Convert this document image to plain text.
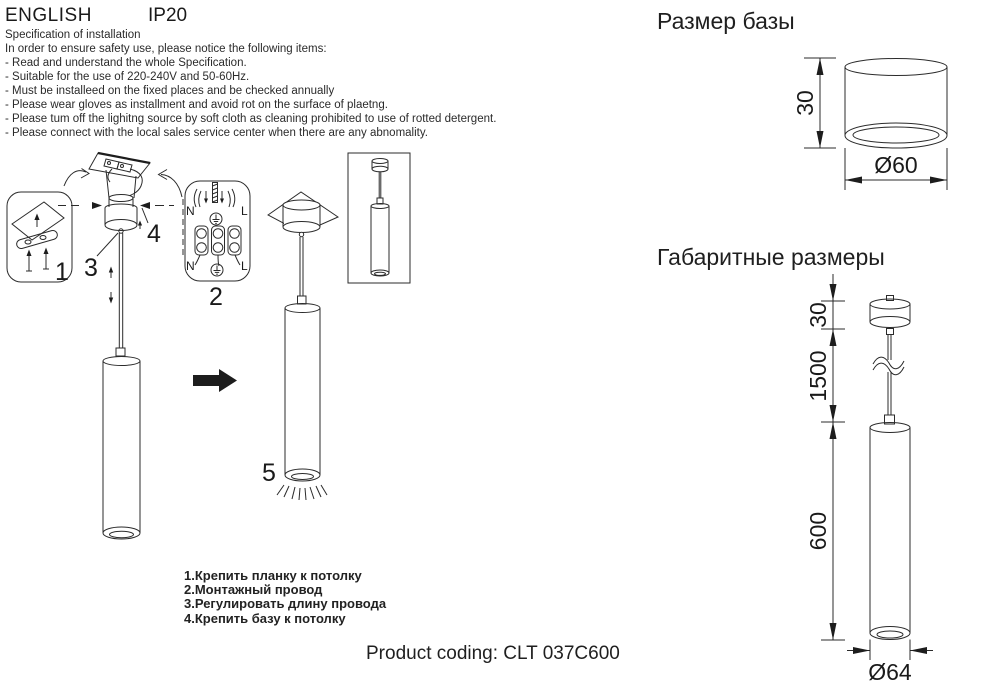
ENGLISH	IP20
Specification of installation
In order to ensure safety use, please notice the following items:
- Read and understand the whole Specification.
- Suitable for the use of 220-240V and 50-60Hz.
- Must be installeed on the fixed places and be checked annually
- Please wear gloves as installment and avoid rot on the surface of plaetng.
- Please tum off the lighitng source by soft cloth as cleaning prohibited to use of rotted detergent.
- Please connect with the local sales service center when there are any abnomality.
1
4
3
N	L
N	L
2
5
Размер базы
30
Ø60
Габаритные размеры
30
1500
600
Ø64
1.Крепить планку к потолку
2.Монтажный провод
3.Регулировать длину провода
4.Крепить базу к потолку
Product coding: CLT 037C600
